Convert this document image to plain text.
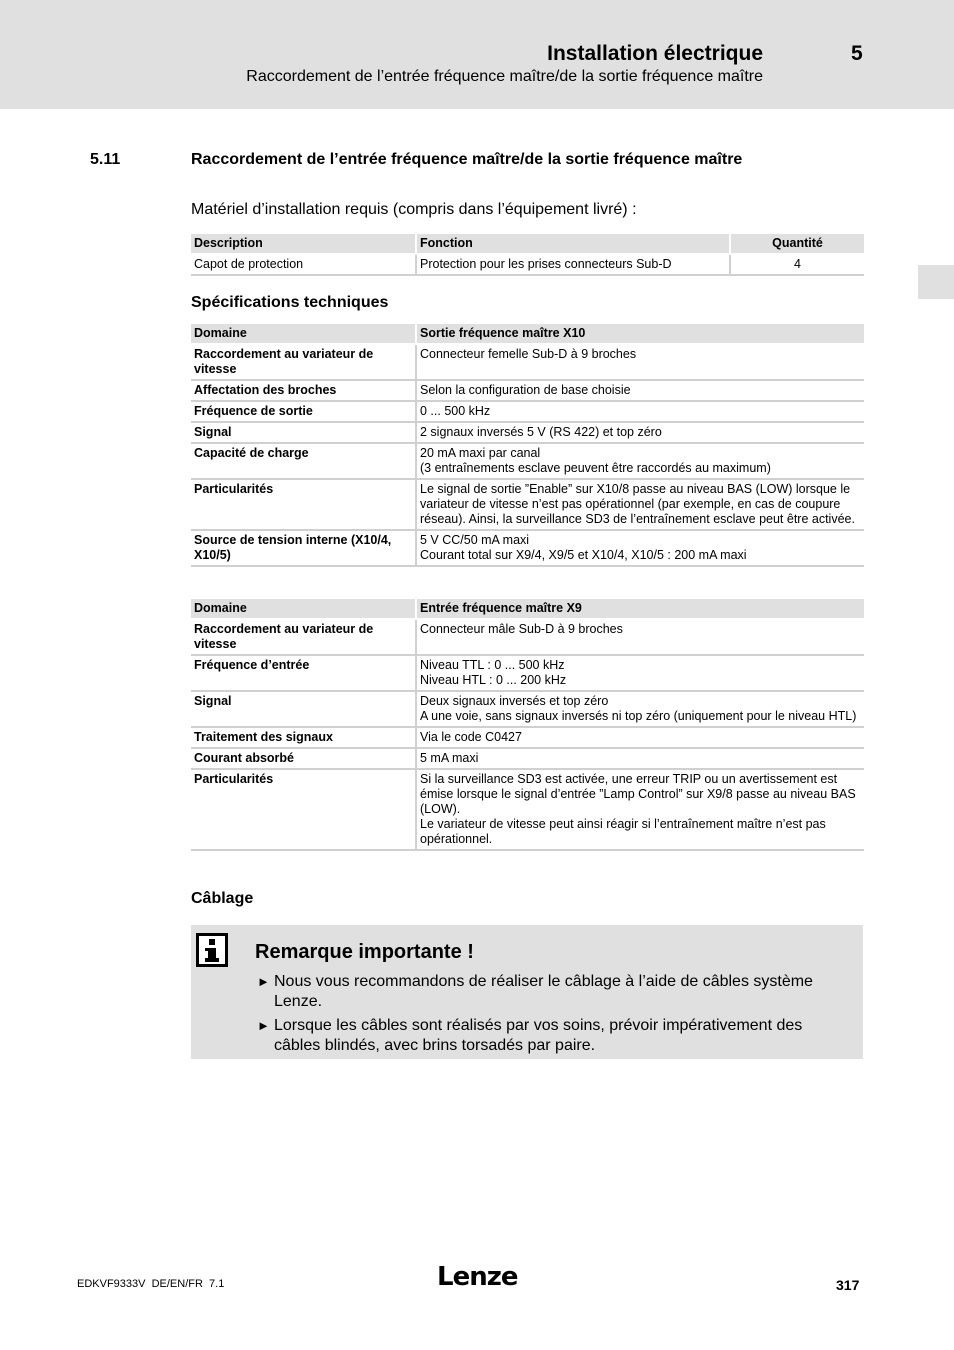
Installation électrique	5
Raccordement de l’entrée fréquence maître/de la sortie fréquence maître
5.11	Raccordement de l’entrée fréquence maître/de la sortie fréquence maître
Matériel d’installation requis (compris dans l’équipement livré) :
Description	Fonction	Quantité
Capot de protection	Protection pour les prises connecteurs Sub-D	4
Spécifications techniques
Domaine	Sortie fréquence maître X10
Raccordement au variateur de vitesse	Connecteur femelle Sub-D à 9 broches
Affectation des broches	Selon la configuration de base choisie
Fréquence de sortie	0 ... 500 kHz
Signal	2 signaux inversés 5 V (RS 422) et top zéro
Capacité de charge	20 mA maxi par canal
(3 entraînements esclave peuvent être raccordés au maximum)
Particularités	Le signal de sortie ”Enable” sur X10/8 passe au niveau BAS (LOW) lorsque le variateur de vitesse n’est pas opérationnel (par exemple, en cas de coupure réseau). Ainsi, la surveillance SD3 de l’entraînement esclave peut être activée.
Source de tension interne (X10/4, X10/5)	5 V CC/50 mA maxi
Courant total sur X9/4, X9/5 et X10/4, X10/5 : 200 mA maxi
Domaine	Entrée fréquence maître X9
Raccordement au variateur de vitesse	Connecteur mâle Sub-D à 9 broches
Fréquence d’entrée	Niveau TTL : 0 ... 500 kHz
Niveau HTL : 0 ... 200 kHz
Signal	Deux signaux inversés et top zéro
A une voie, sans signaux inversés ni top zéro (uniquement pour le niveau HTL)
Traitement des signaux	Via le code C0427
Courant absorbé	5 mA maxi
Particularités	Si la surveillance SD3 est activée, une erreur TRIP ou un avertissement est émise lorsque le signal d’entrée ”Lamp Control” sur X9/8 passe au niveau BAS (LOW).
Le variateur de vitesse peut ainsi réagir si l’entraînement maître n’est pas opérationnel.
Câblage
Remarque importante !
► Nous vous recommandons de réaliser le câblage à l’aide de câbles système Lenze.
► Lorsque les câbles sont réalisés par vos soins, prévoir impérativement des câbles blindés, avec brins torsadés par paire.
EDKVF9333V  DE/EN/FR  7.1	Lenze	317
